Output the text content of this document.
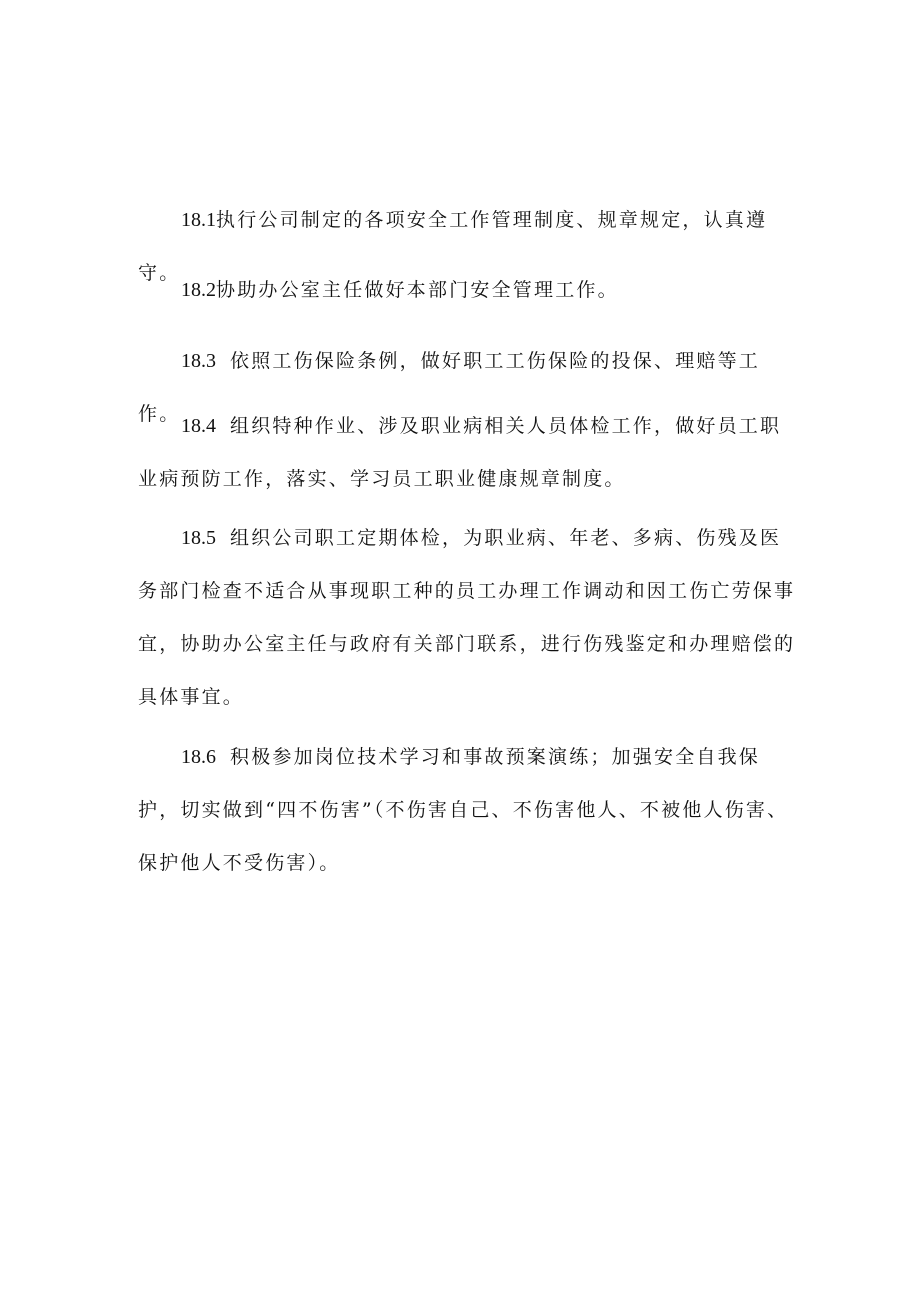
18.1执行公司制定的各项安全工作管理制度、规章规定，认真遵守。

18.2协助办公室主任做好本部门安全管理工作。

18.3 依照工伤保险条例，做好职工工伤保险的投保、理赔等工作。

18.4 组织特种作业、涉及职业病相关人员体检工作，做好员工职业病预防工作，落实、学习员工职业健康规章制度。

18.5 组织公司职工定期体检，为职业病、年老、多病、伤残及医务部门检查不适合从事现职工种的员工办理工作调动和因工伤亡劳保事宜，协助办公室主任与政府有关部门联系，进行伤残鉴定和办理赔偿的具体事宜。

18.6 积极参加岗位技术学习和事故预案演练；加强安全自我保护，切实做到“四不伤害”（不伤害自己、不伤害他人、不被他人伤害、保护他人不受伤害）。
